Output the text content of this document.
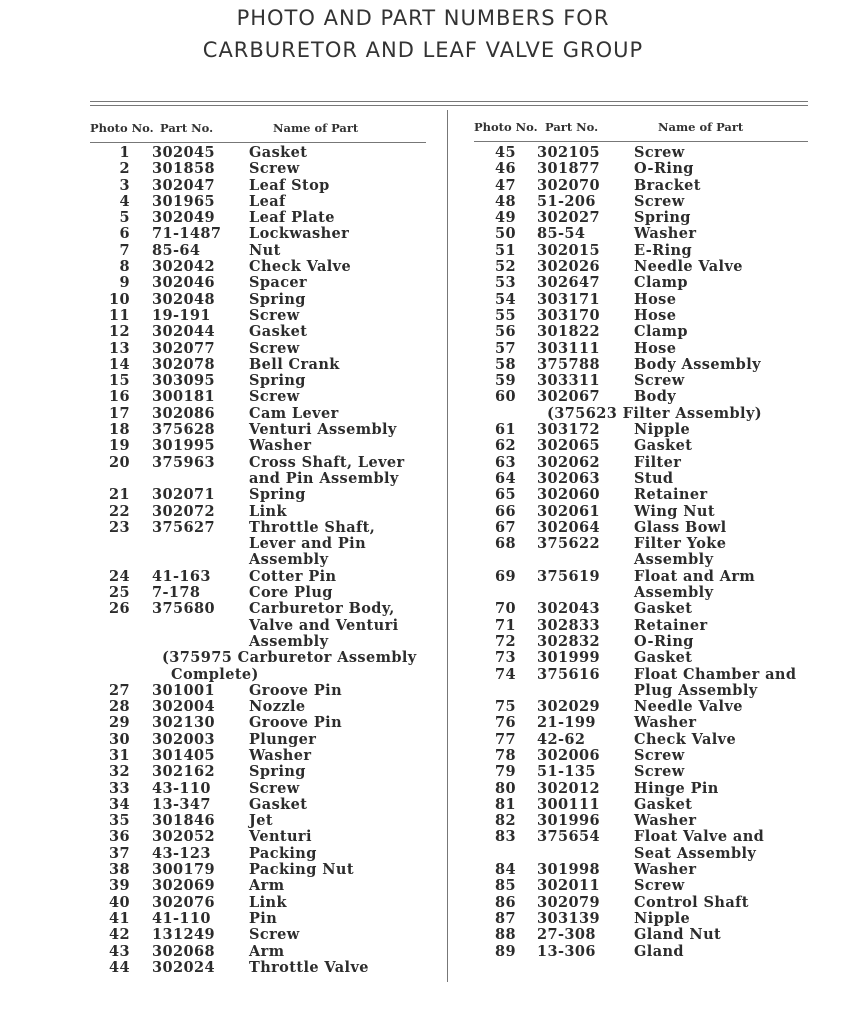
PHOTO AND PART NUMBERS FOR
CARBURETOR AND LEAF VALVE GROUP
Photo No. Part No.	Name of Part	Photo No. Part No.	Name of Part
1 302045 Gasket
2 301858 Screw
3 302047 Leaf Stop
4 301965 Leaf
5 302049 Leaf Plate
6 71-1487 Lockwasher
7 85-64	Nut
8 302042 Check Valve
9 302046 Spacer
10 302048 Spring
11 19-191	Screw
12 302044 Gasket
13 302077 Screw
14 302078 Bell Crank
15 303095 Spring
16 300181 Screw
17 302086 Cam Lever
18 375628 Venturi Assembly
19 301995 Washer
20 375963 Cross Shaft, Lever
and Pin Assembly
21 302071 Spring
22 302072 Link
23 375627 Throttle Shaft,
Lever and Pin
Assembly
24 41-163	Cotter Pin
25 7-178	Core Plug
26 375680 Carburetor Body,
Valve and Venturi
Assembly
(375975 Carburetor Assembly
Complete)
27 301001 Groove Pin
28 302004 Nozzle
29 302130 Groove Pin
30 302003 Plunger
31 301405 Washer
32 302162 Spring
33 43-110	Screw
34 13-347	Gasket
35 301846 Jet
36 302052 Venturi
37 43-123	Packing
38 300179 Packing Nut
39 302069 Arm
40 302076 Link
41 41-110	Pin
42 131249 Screw
43 302068 Arm
44 302024 Throttle Valve
45 302105 Screw
46 301877 O-Ring
47 302070 Bracket
48 51-206	Screw
49 302027 Spring
50 85-54	Washer
51 302015 E-Ring
52 302026 Needle Valve
53 302647 Clamp
54 303171 Hose
55 303170 Hose
56 301822 Clamp
57 303111 Hose
58 375788 Body Assembly
59 303311 Screw
60 302067 Body
(375623 Filter Assembly)
61 303172 Nipple
62 302065 Gasket
63 302062 Filter
64 302063 Stud
65 302060 Retainer
66 302061 Wing Nut
67 302064 Glass Bowl
68 375622 Filter Yoke
Assembly
69 375619 Float and Arm
Assembly
70 302043 Gasket
71 302833 Retainer
72 302832 O-Ring
73 301999 Gasket
74 375616 Float Chamber and
Plug Assembly
75 302029 Needle Valve
76 21-199	Washer
77 42-62	Check Valve
78 302006 Screw
79 51-135	Screw
80 302012 Hinge Pin
81 300111 Gasket
82 301996 Washer
83 375654 Float Valve and
Seat Assembly
84 301998 Washer
85 302011 Screw
86 302079 Control Shaft
87 303139 Nipple
88 27-308	Gland Nut
89 13-306	Gland
